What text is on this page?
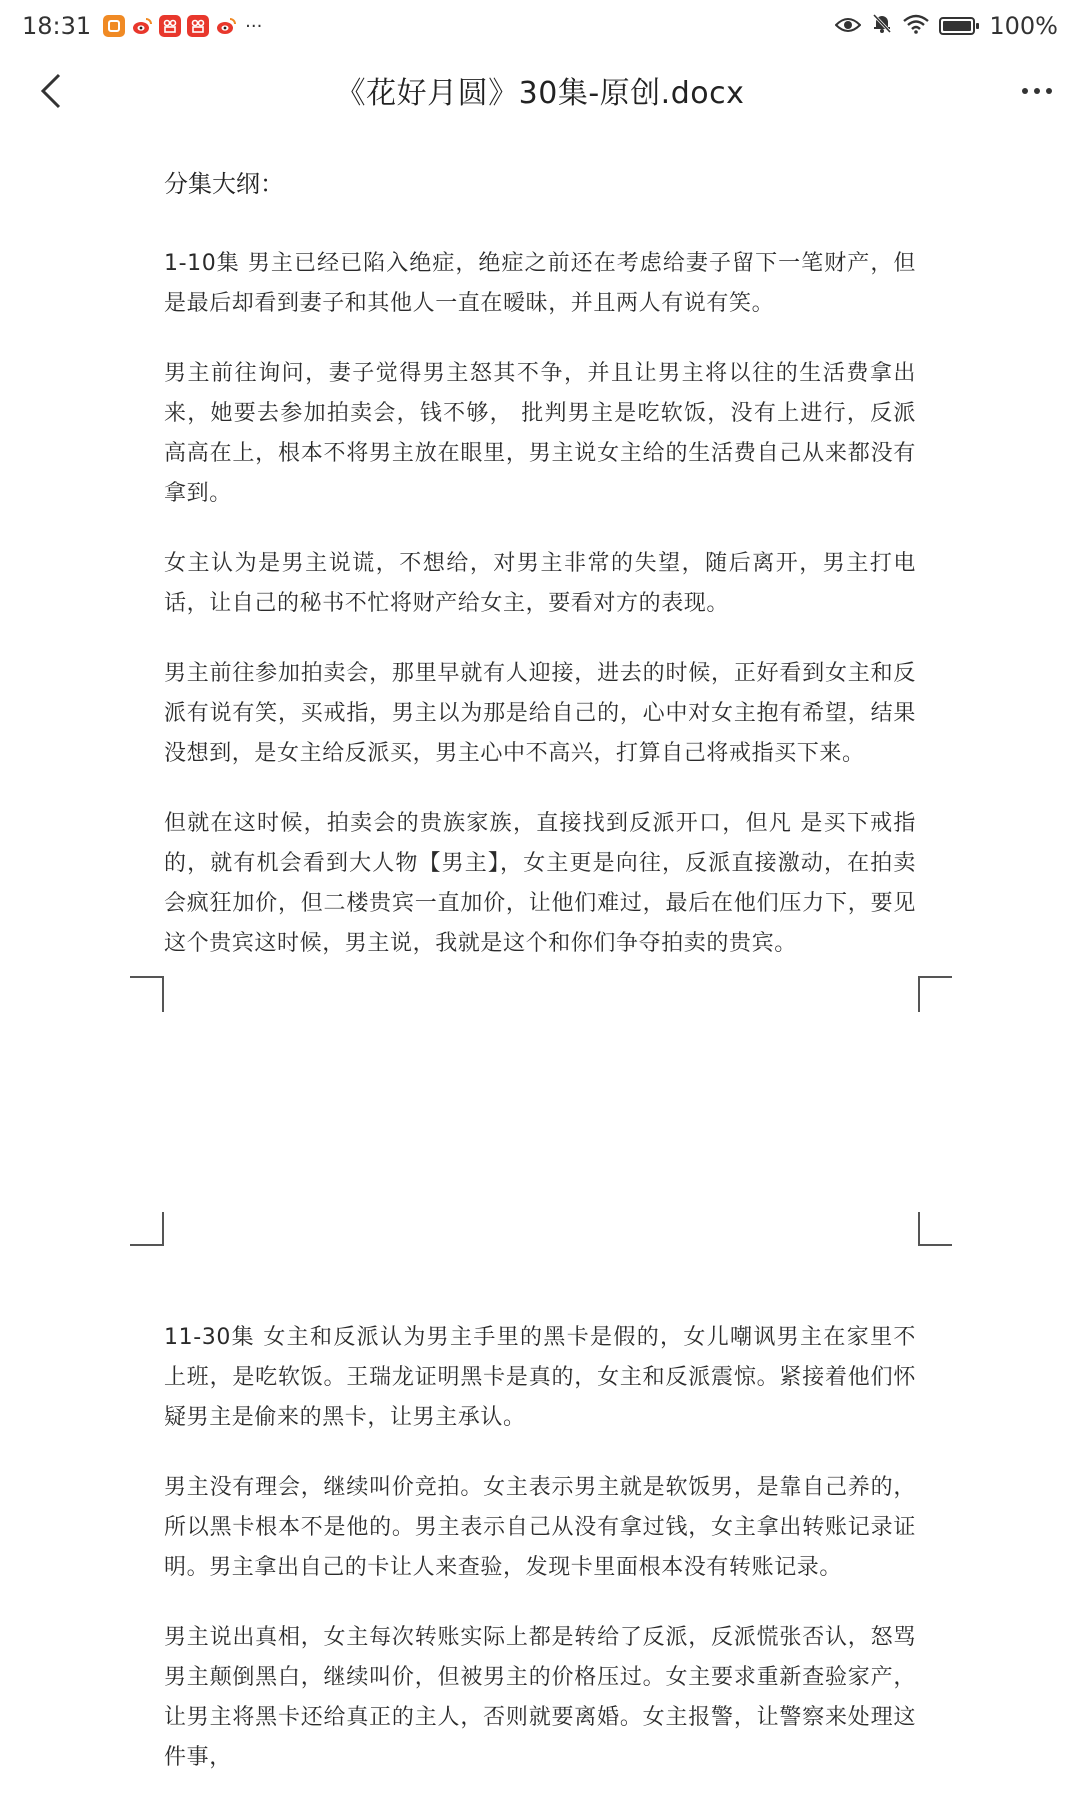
18:31	···	100%
《花好月圆》30集-原创.docx

分集大纲：

1-10集 男主已经已陷入绝症，绝症之前还在考虑给妻子留下一笔财产，但是最后却看到妻子和其他人一直在暧昧，并且两人有说有笑。

男主前往询问，妻子觉得男主怒其不争，并且让男主将以往的生活费拿出来，她要去参加拍卖会，钱不够， 批判男主是吃软饭，没有上进行，反派高高在上，根本不将男主放在眼里，男主说女主给的生活费自己从来都没有拿到。

女主认为是男主说谎，不想给，对男主非常的失望，随后离开，男主打电话，让自己的秘书不忙将财产给女主，要看对方的表现。

男主前往参加拍卖会，那里早就有人迎接，进去的时候，正好看到女主和反派有说有笑，买戒指，男主以为那是给自己的，心中对女主抱有希望，结果没想到，是女主给反派买，男主心中不高兴，打算自己将戒指买下来。

但就在这时候，拍卖会的贵族家族，直接找到反派开口，但凡 是买下戒指的，就有机会看到大人物【男主】，女主更是向往，反派直接激动，在拍卖会疯狂加价，但二楼贵宾一直加价，让他们难过，最后在他们压力下，要见这个贵宾这时候，男主说，我就是这个和你们争夺拍卖的贵宾。

11-30集 女主和反派认为男主手里的黑卡是假的，女儿嘲讽男主在家里不上班，是吃软饭。王瑞龙证明黑卡是真的，女主和反派震惊。紧接着他们怀疑男主是偷来的黑卡，让男主承认。

男主没有理会，继续叫价竞拍。女主表示男主就是软饭男，是靠自己养的，所以黑卡根本不是他的。男主表示自己从没有拿过钱，女主拿出转账记录证明。男主拿出自己的卡让人来查验，发现卡里面根本没有转账记录。

男主说出真相，女主每次转账实际上都是转给了反派，反派慌张否认，怒骂男主颠倒黑白，继续叫价，但被男主的价格压过。女主要求重新查验家产，让男主将黑卡还给真正的主人，否则就要离婚。女主报警，让警察来处理这件事，
